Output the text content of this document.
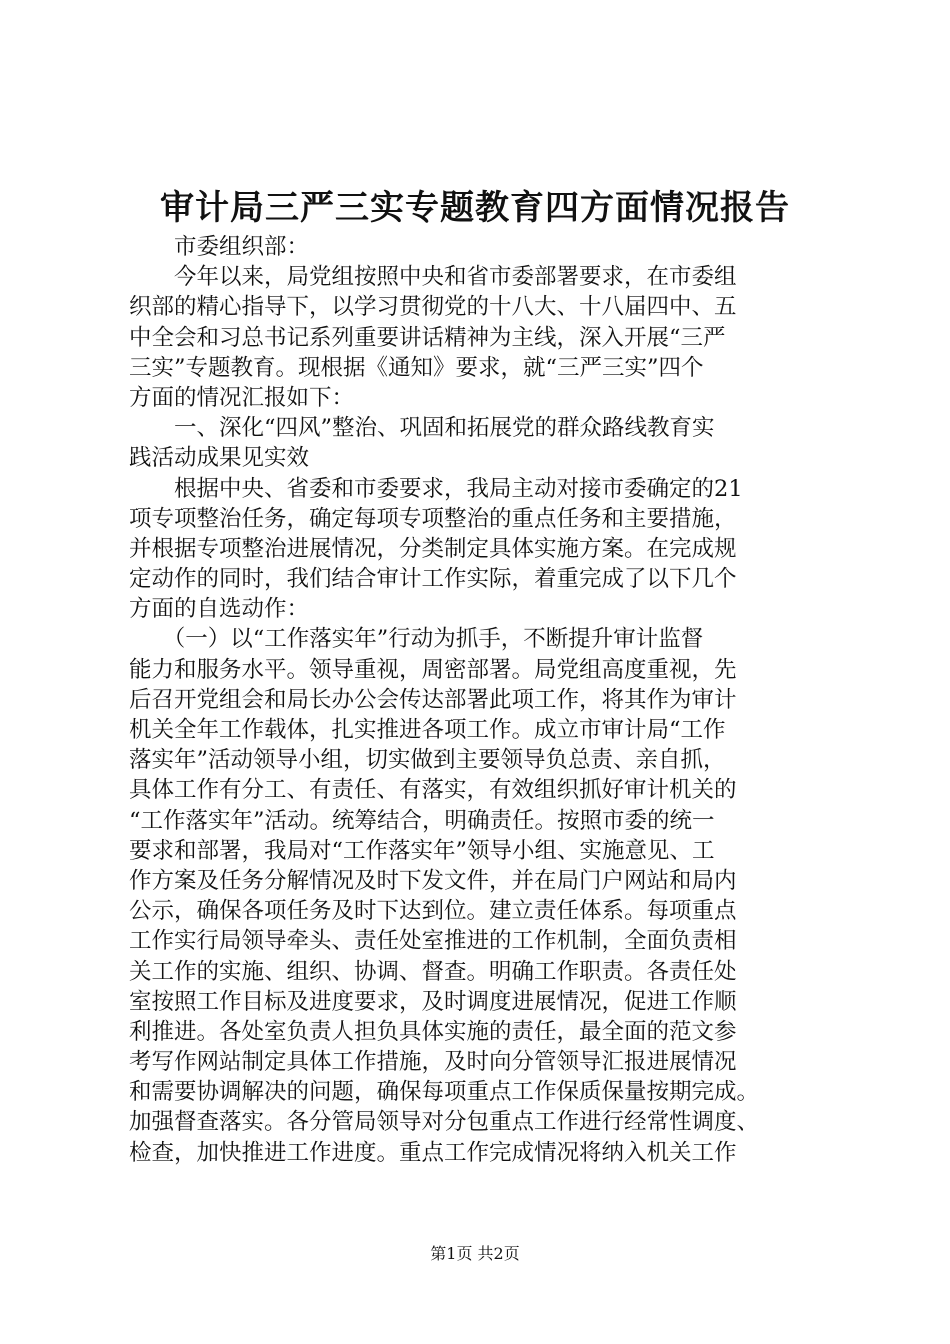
审计局三严三实专题教育四方面情况报告
　　市委组织部：
　　今年以来，局党组按照中央和省市委部署要求，在市委组
织部的精心指导下，以学习贯彻党的十八大、十八届四中、五
中全会和习总书记系列重要讲话精神为主线，深入开展“三严
三实”专题教育。现根据《通知》要求，就“三严三实”四个
方面的情况汇报如下：
　　一、深化“四风”整治、巩固和拓展党的群众路线教育实
践活动成果见实效
　　根据中央、省委和市委要求，我局主动对接市委确定的21
项专项整治任务，确定每项专项整治的重点任务和主要措施，
并根据专项整治进展情况，分类制定具体实施方案。在完成规
定动作的同时，我们结合审计工作实际，着重完成了以下几个
方面的自选动作：
　　（一）以“工作落实年”行动为抓手，不断提升审计监督
能力和服务水平。领导重视，周密部署。局党组高度重视，先
后召开党组会和局长办公会传达部署此项工作，将其作为审计
机关全年工作载体，扎实推进各项工作。成立市审计局“工作
落实年”活动领导小组，切实做到主要领导负总责、亲自抓，
具体工作有分工、有责任、有落实，有效组织抓好审计机关的
“工作落实年”活动。统筹结合，明确责任。按照市委的统一
要求和部署，我局对“工作落实年”领导小组、实施意见、工
作方案及任务分解情况及时下发文件，并在局门户网站和局内
公示，确保各项任务及时下达到位。建立责任体系。每项重点
工作实行局领导牵头、责任处室推进的工作机制，全面负责相
关工作的实施、组织、协调、督查。明确工作职责。各责任处
室按照工作目标及进度要求，及时调度进展情况，促进工作顺
利推进。各处室负责人担负具体实施的责任，最全面的范文参
考写作网站制定具体工作措施，及时向分管领导汇报进展情况
和需要协调解决的问题，确保每项重点工作保质保量按期完成。
加强督查落实。各分管局领导对分包重点工作进行经常性调度、
检查，加快推进工作进度。重点工作完成情况将纳入机关工作
第1页 共2页
